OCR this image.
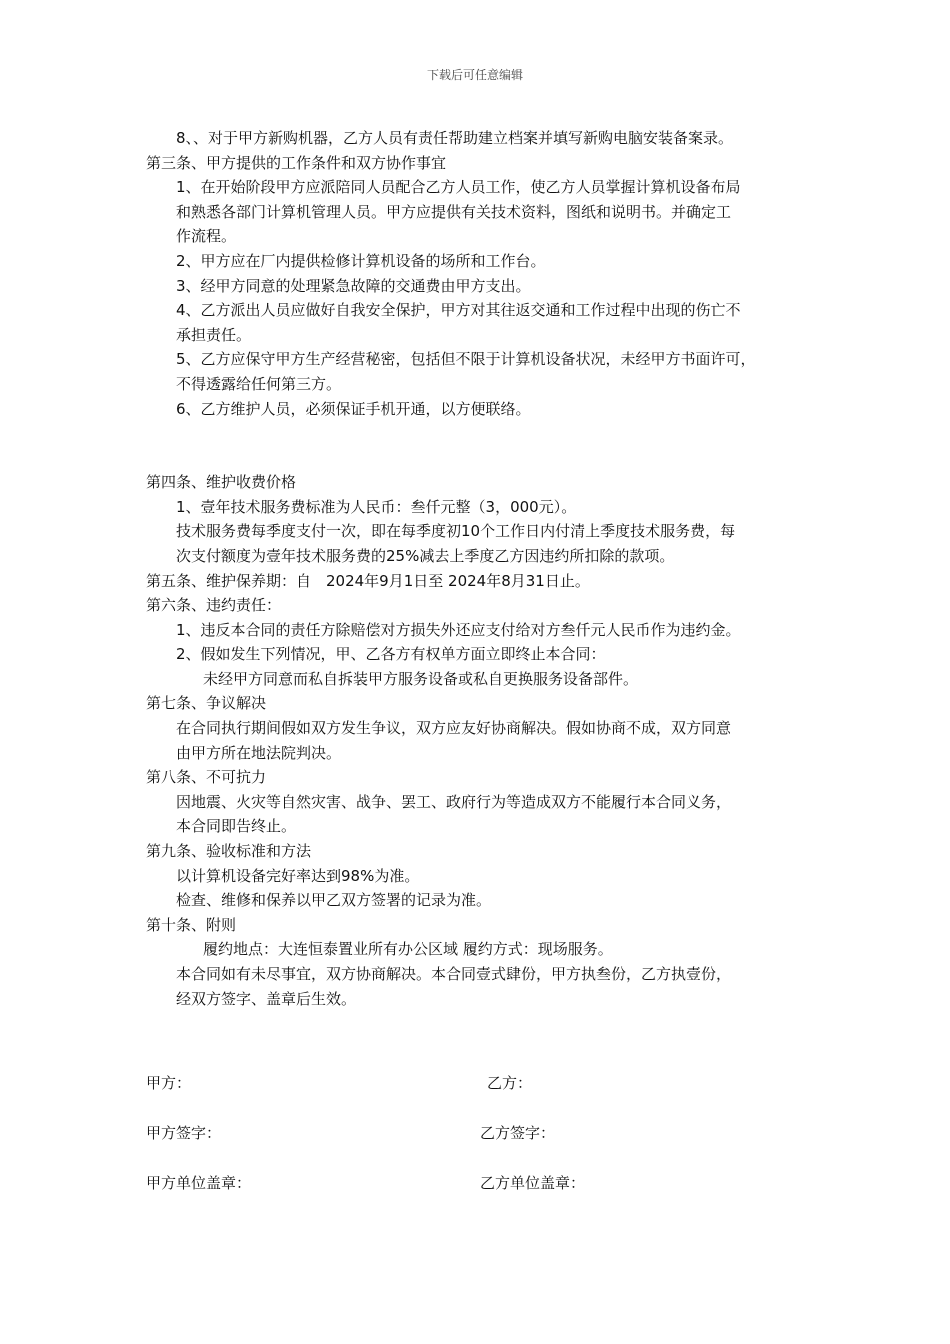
下载后可任意编辑
8、、对于甲方新购机器，乙方人员有责任帮助建立档案并填写新购电脑安装备案录。
第三条、甲方提供的工作条件和双方协作事宜
1、在开始阶段甲方应派陪同人员配合乙方人员工作，使乙方人员掌握计算机设备布局
和熟悉各部门计算机管理人员。甲方应提供有关技术资料，图纸和说明书。并确定工
作流程。
2、甲方应在厂内提供检修计算机设备的场所和工作台。
3、经甲方同意的处理紧急故障的交通费由甲方支出。
4、乙方派出人员应做好自我安全保护，甲方对其往返交通和工作过程中出现的伤亡不
承担责任。
5、乙方应保守甲方生产经营秘密，包括但不限于计算机设备状况，未经甲方书面许可，
不得透露给任何第三方。
6、乙方维护人员，必须保证手机开通，以方便联络。
第四条、维护收费价格
1、壹年技术服务费标准为人民币：叁仟元整（3，000元）。
技术服务费每季度支付一次，即在每季度初10个工作日内付清上季度技术服务费，每
次支付额度为壹年技术服务费的25%减去上季度乙方因违约所扣除的款项。
第五条、维护保养期：自　2024年9月1日至 2024年8月31日止。
第六条、违约责任：
1、违反本合同的责任方除赔偿对方损失外还应支付给对方叁仟元人民币作为违约金。
2、假如发生下列情况，甲、乙各方有权单方面立即终止本合同：
未经甲方同意而私自拆装甲方服务设备或私自更换服务设备部件。
第七条、争议解决
在合同执行期间假如双方发生争议，双方应友好协商解决。假如协商不成，双方同意
由甲方所在地法院判决。
第八条、不可抗力
因地震、火灾等自然灾害、战争、罢工、政府行为等造成双方不能履行本合同义务，
本合同即告终止。
第九条、验收标准和方法
以计算机设备完好率达到98%为准。
检查、维修和保养以甲乙双方签署的记录为准。
第十条、附则
履约地点：大连恒泰置业所有办公区域 履约方式：现场服务。
本合同如有未尽事宜，双方协商解决。本合同壹式肆份，甲方执叁份，乙方执壹份，
经双方签字、盖章后生效。
甲方：	乙方：
甲方签字：	乙方签字：
甲方单位盖章：	乙方单位盖章：
